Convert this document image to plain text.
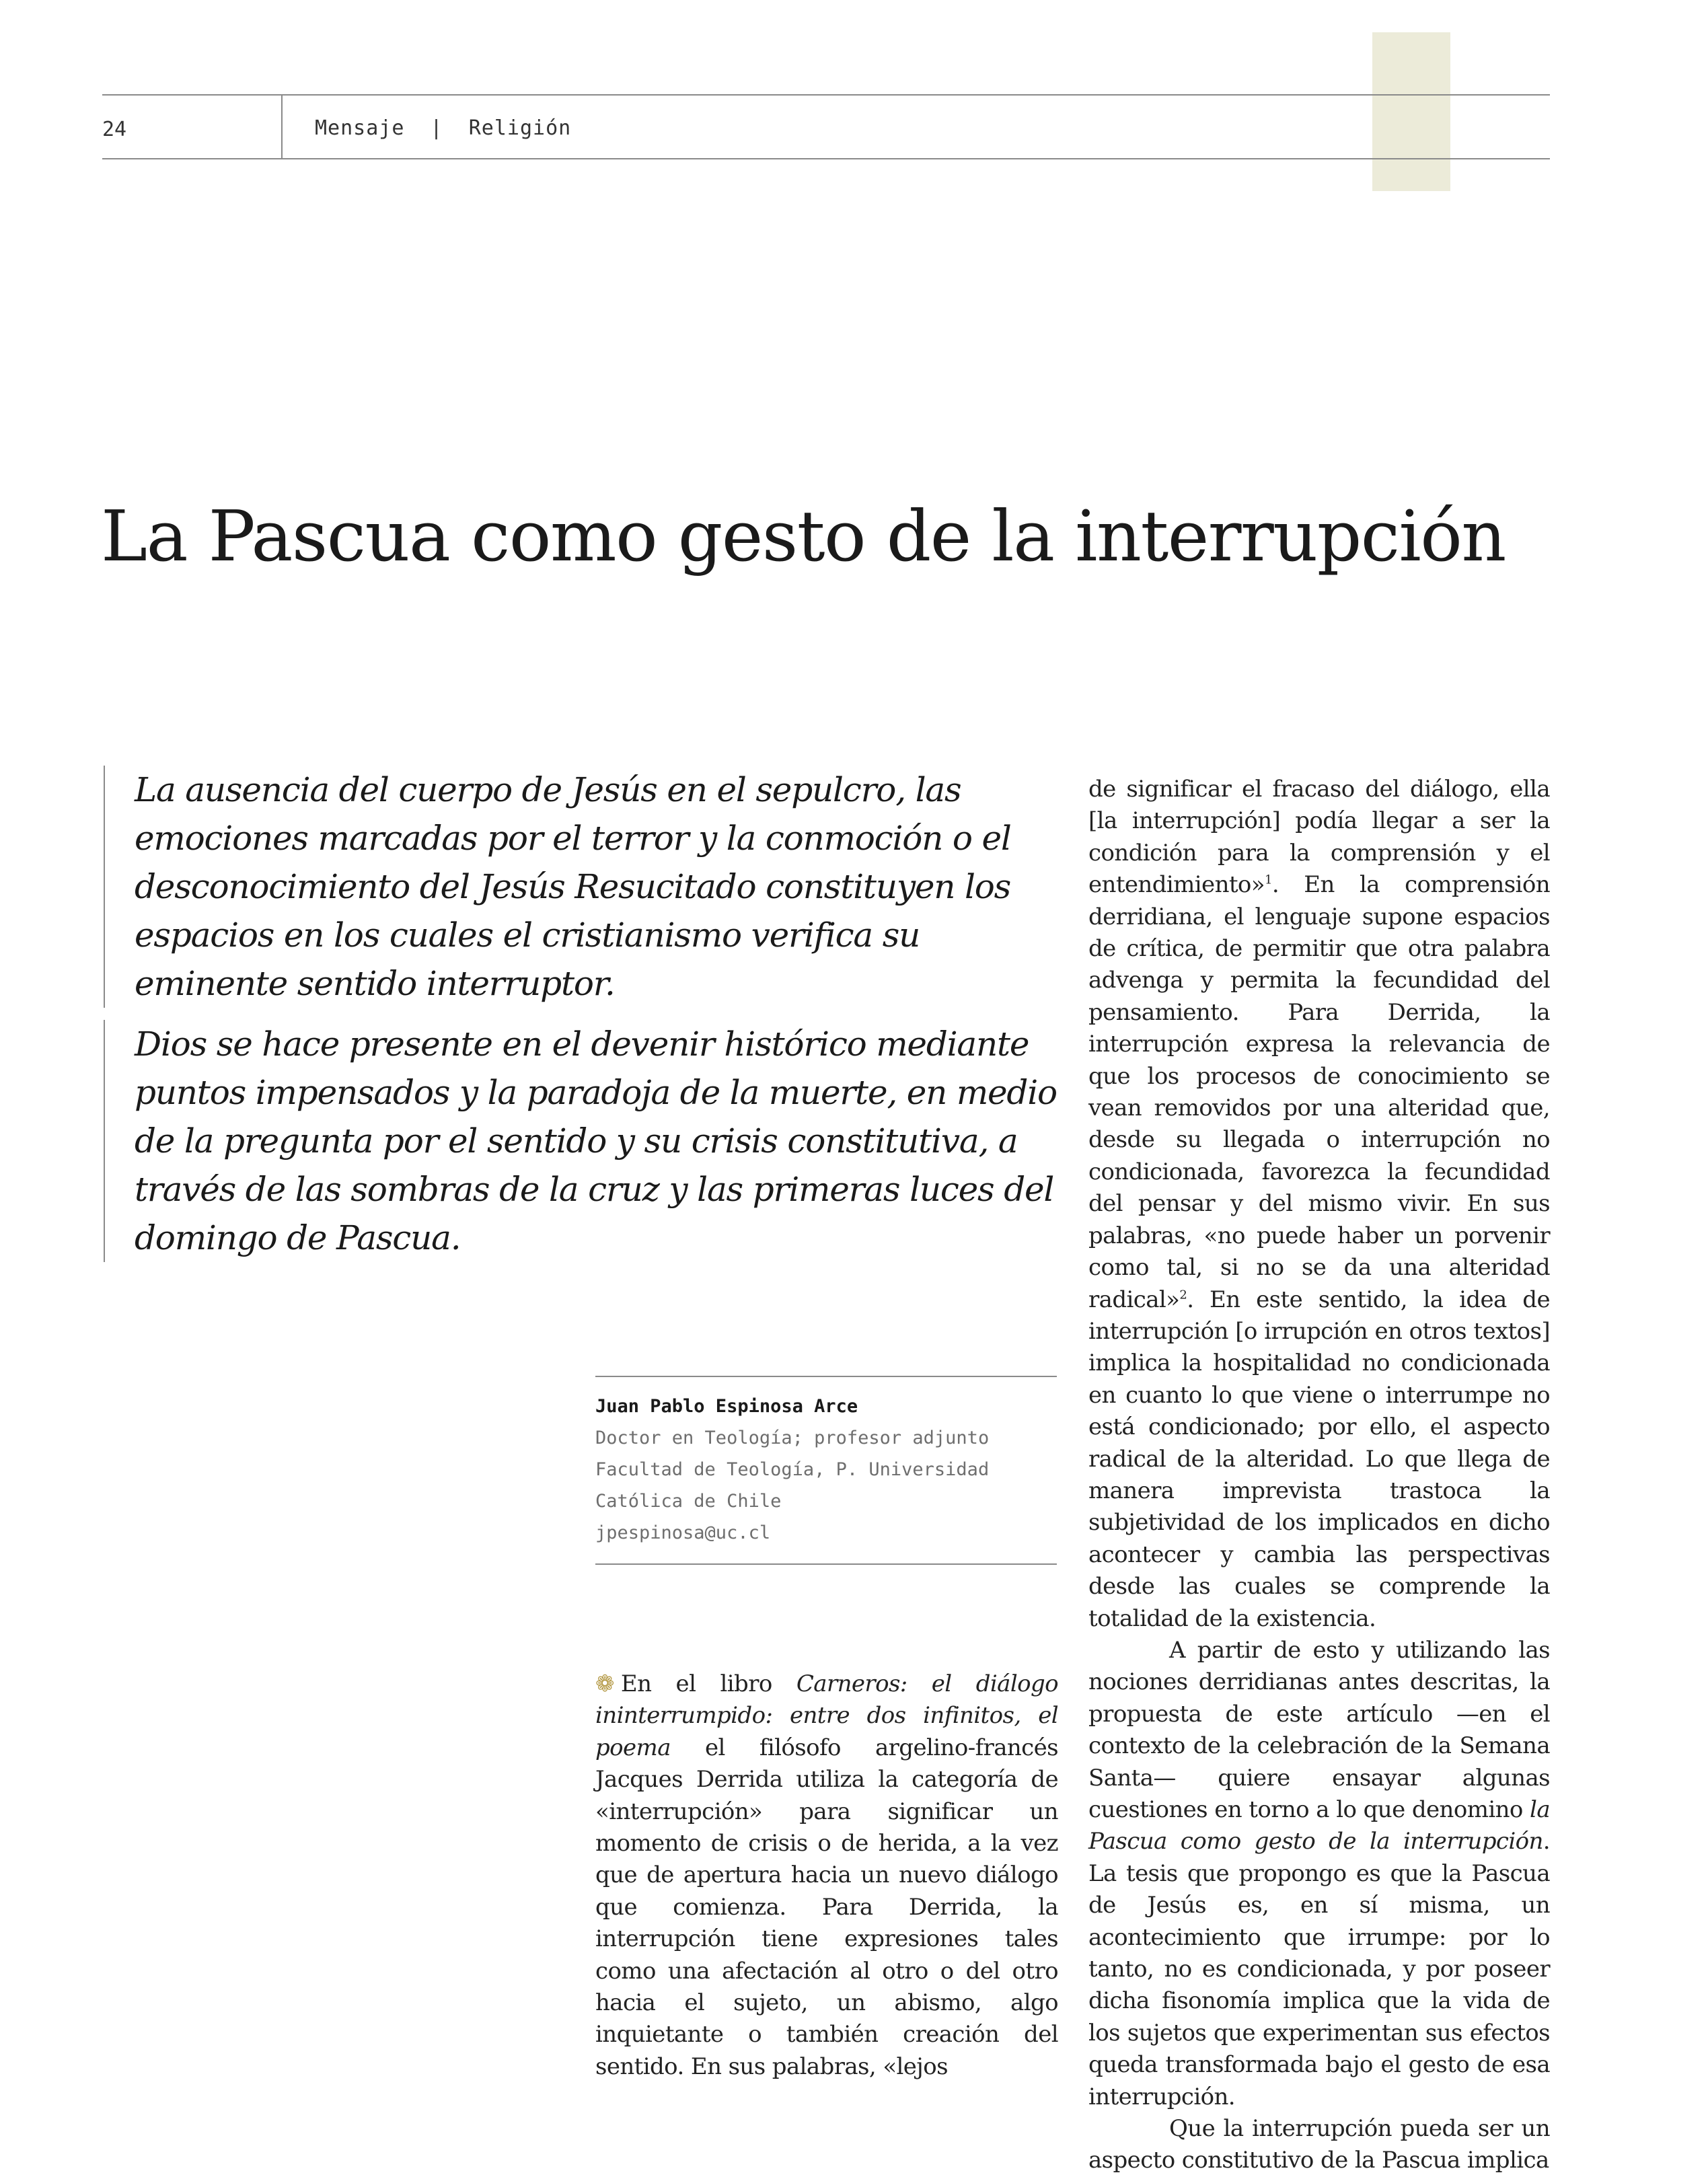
24	Mensaje  |  Religión
La Pascua como gesto de la interrupción

La ausencia del cuerpo de Jesús en el sepulcro, las emociones marcadas por el terror y la conmoción o el desconocimiento del Jesús Resucitado constituyen los espacios en los cuales el cristianismo verifica su eminente sentido interruptor.

Dios se hace presente en el devenir histórico mediante puntos impensados y la paradoja de la muerte, en medio de la pregunta por el sentido y su crisis constitutiva, a través de las sombras de la cruz y las primeras luces del domingo de Pascua.

Juan Pablo Espinosa Arce
Doctor en Teología; profesor adjunto
Facultad de Teología, P. Universidad
Católica de Chile
jpespinosa@uc.cl

❁ En el libro Carneros: el diálogo ininterrumpido: entre dos infinitos, el poema el filósofo argelino-francés Jacques Derrida utiliza la categoría de «interrupción» para significar un momento de crisis o de herida, a la vez que de apertura hacia un nuevo diálogo que comienza. Para Derrida, la interrupción tiene expresiones tales como una afectación al otro o del otro hacia el sujeto, un abismo, algo inquietante o también creación del sentido. En sus palabras, «lejos

de significar el fracaso del diálogo, ella [la interrupción] podía llegar a ser la condición para la comprensión y el entendimiento»$^1$. En la comprensión derridiana, el lenguaje supone espacios de crítica, de permitir que otra palabra advenga y permita la fecundidad del pensamiento. Para Derrida, la interrupción expresa la relevancia de que los procesos de conocimiento se vean removidos por una alteridad que, desde su llegada o interrupción no condicionada, favorezca la fecundidad del pensar y del mismo vivir. En sus palabras, «no puede haber un porvenir como tal, si no se da una alteridad radical»$^2$. En este sentido, la idea de interrupción [o irrupción en otros textos] implica la hospitalidad no condicionada en cuanto lo que viene o interrumpe no está condicionado; por ello, el aspecto radical de la alteridad. Lo que llega de manera imprevista trastoca la subjetividad de los implicados en dicho acontecer y cambia las perspectivas desde las cuales se comprende la totalidad de la existencia.

A partir de esto y utilizando las nociones derridianas antes descritas, la propuesta de este artículo —en el contexto de la celebración de la Semana Santa— quiere ensayar algunas cuestiones en torno a lo que denomino la Pascua como gesto de la interrupción. La tesis que propongo es que la Pascua de Jesús es, en sí misma, un acontecimiento que irrumpe: por lo tanto, no es condicionada, y por poseer dicha fisonomía implica que la vida de los sujetos que experimentan sus efectos queda transformada bajo el gesto de esa interrupción.

Que la interrupción pueda ser un aspecto constitutivo de la Pascua implica
